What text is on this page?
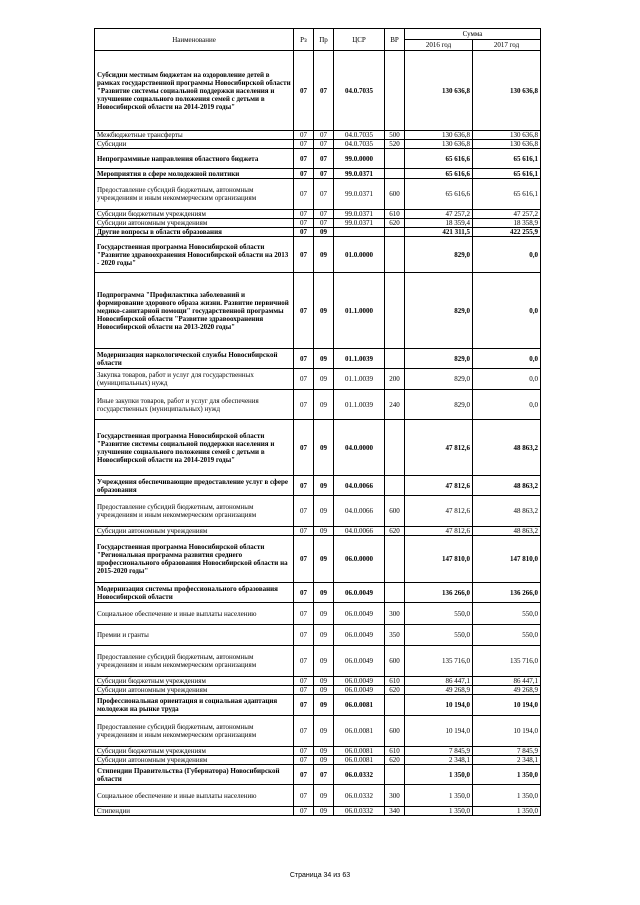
Наименование	Рз	Пр	ЦСР	ВР	Сумма	
					2016 год	2017 год
Субсидии местным бюджетам на оздоровление детей в рамках государственной программы Новосибирской области "Развитие системы социальной поддержки населения и улучшение социального положения семей с детьми в Новосибирской области на 2014-2019 годы"	07	07	04.0.7035		130 636,8	130 636,8
Межбюджетные трансферты	07	07	04.0.7035	500	130 636,8	130 636,8
Субсидии	07	07	04.0.7035	520	130 636,8	130 636,8
Непрограммные направления областного бюджета	07	07	99.0.0000		65 616,6	65 616,1
Мероприятия в сфере молодежной политики	07	07	99.0.0371		65 616,6	65 616,1
Предоставление субсидий бюджетным, автономным учреждениям и иным некоммерческим организациям	07	07	99.0.0371	600	65 616,6	65 616,1
Субсидии бюджетным учреждениям	07	07	99.0.0371	610	47 257,2	47 257,2
Субсидии автономным учреждениям	07	07	99.0.0371	620	18 359,4	18 358,9
Другие вопросы в области образования	07	09			421 311,5	422 255,9
Государственная программа Новосибирской области "Развитие здравоохранения Новосибирской области на 2013 - 2020 годы"	07	09	01.0.0000		829,0	0,0
Подпрограмма "Профилактика заболеваний и формирование здорового образа жизни. Развитие первичной медико-санитарной помощи" государственной программы Новосибирской области "Развитие здравоохранения Новосибирской области на 2013-2020 годы"	07	09	01.1.0000		829,0	0,0
Модернизация наркологической службы Новосибирской области	07	09	01.1.0039		829,0	0,0
Закупка товаров, работ и услуг для государственных (муниципальных) нужд	07	09	01.1.0039	200	829,0	0,0
Иные закупки товаров, работ и услуг для обеспечения государственных (муниципальных) нужд	07	09	01.1.0039	240	829,0	0,0
Государственная программа Новосибирской области "Развитие системы социальной поддержки населения и улучшение социального положения семей с детьми в Новосибирской области на 2014-2019 годы"	07	09	04.0.0000		47 812,6	48 863,2
Учреждения обеспечивающие предоставление услуг в сфере образования	07	09	04.0.0066		47 812,6	48 863,2
Предоставление субсидий бюджетным, автономным учреждениям и иным некоммерческим организациям	07	09	04.0.0066	600	47 812,6	48 863,2
Субсидии автономным учреждениям	07	09	04.0.0066	620	47 812,6	48 863,2
Государственная программа Новосибирской области "Региональная программа развития среднего профессионального образования Новосибирской области на 2015-2020 годы"	07	09	06.0.0000		147 810,0	147 810,0
Модернизация системы профессионального образования Новосибирской области	07	09	06.0.0049		136 266,0	136 266,0
Социальное обеспечение и иные выплаты населению	07	09	06.0.0049	300	550,0	550,0
Премии и гранты	07	09	06.0.0049	350	550,0	550,0
Предоставление субсидий бюджетным, автономным учреждениям и иным некоммерческим организациям	07	09	06.0.0049	600	135 716,0	135 716,0
Субсидии бюджетным учреждениям	07	09	06.0.0049	610	86 447,1	86 447,1
Субсидии автономным учреждениям	07	09	06.0.0049	620	49 268,9	49 268,9
Профессиональная ориентация и социальная адаптация молодежи на рынке труда	07	09	06.0.0081		10 194,0	10 194,0
Предоставление субсидий бюджетным, автономным учреждениям и иным некоммерческим организациям	07	09	06.0.0081	600	10 194,0	10 194,0
Субсидии бюджетным учреждениям	07	09	06.0.0081	610	7 845,9	7 845,9
Субсидии автономным учреждениям	07	09	06.0.0081	620	2 348,1	2 348,1
Стипендии Правительства (Губернатора) Новосибирской области	07	07	06.0.0332		1 350,0	1 350,0
Социальное обеспечение и иные выплаты населению	07	09	06.0.0332	300	1 350,0	1 350,0
Стипендии	07	09	06.0.0332	340	1 350,0	1 350,0
Страница 34 из 63
